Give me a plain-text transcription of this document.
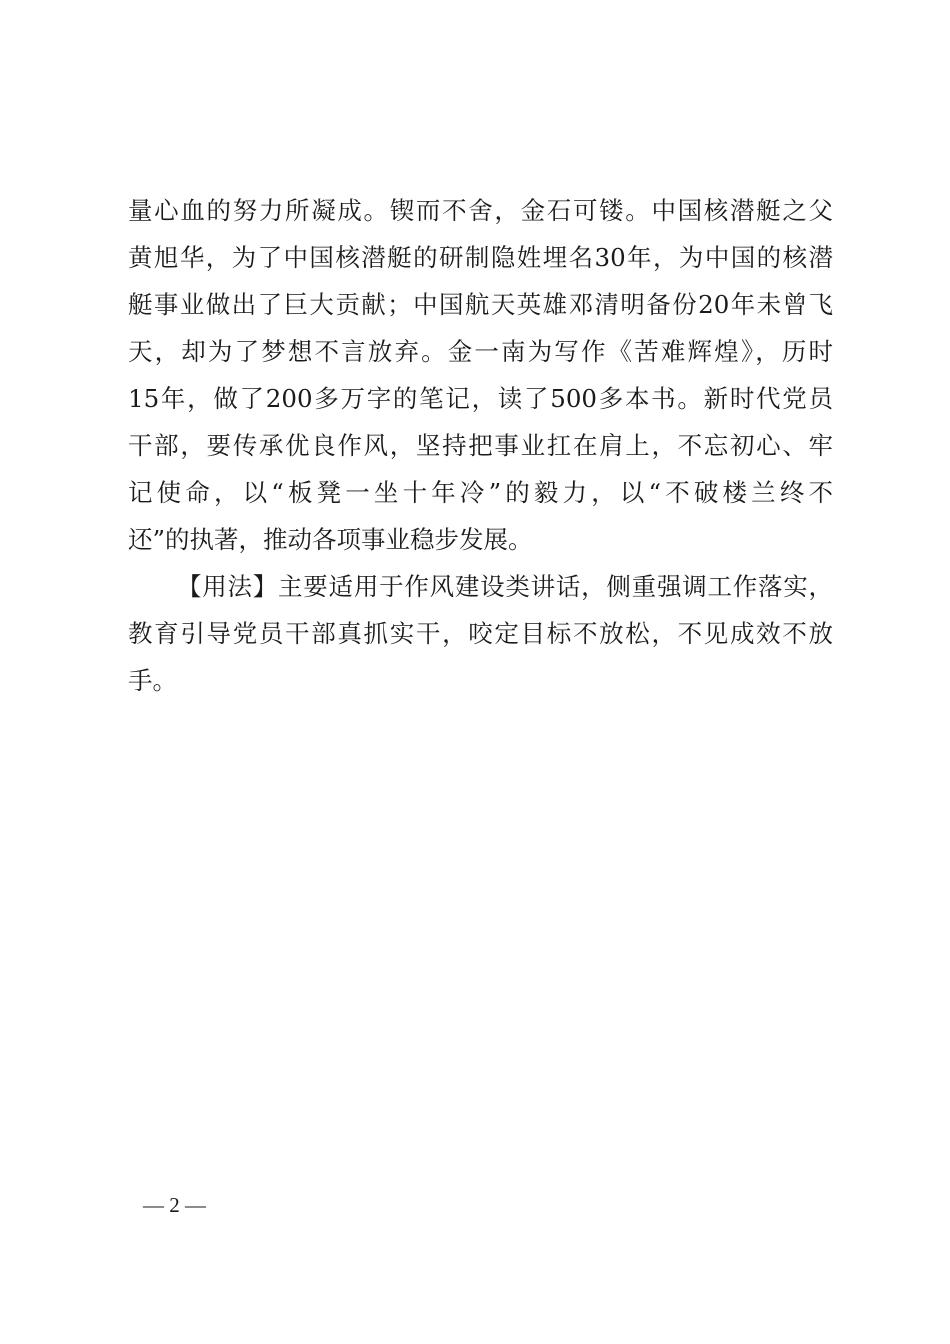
量心血的努力所凝成。锲而不舍，金石可镂。中国核潜艇之父
黄旭华，为了中国核潜艇的研制隐姓埋名30年，为中国的核潜
艇事业做出了巨大贡献；中国航天英雄邓清明备份20年未曾飞
天，却为了梦想不言放弃。金一南为写作《苦难辉煌》，历时
15年，做了200多万字的笔记，读了500多本书。新时代党员
干部，要传承优良作风，坚持把事业扛在肩上，不忘初心、牢
记使命，以“板凳一坐十年冷”的毅力，以“不破楼兰终不
还”的执著，推动各项事业稳步发展。
【用法】主要适用于作风建设类讲话，侧重强调工作落实，
教育引导党员干部真抓实干，咬定目标不放松，不见成效不放
手。
— 2 —
